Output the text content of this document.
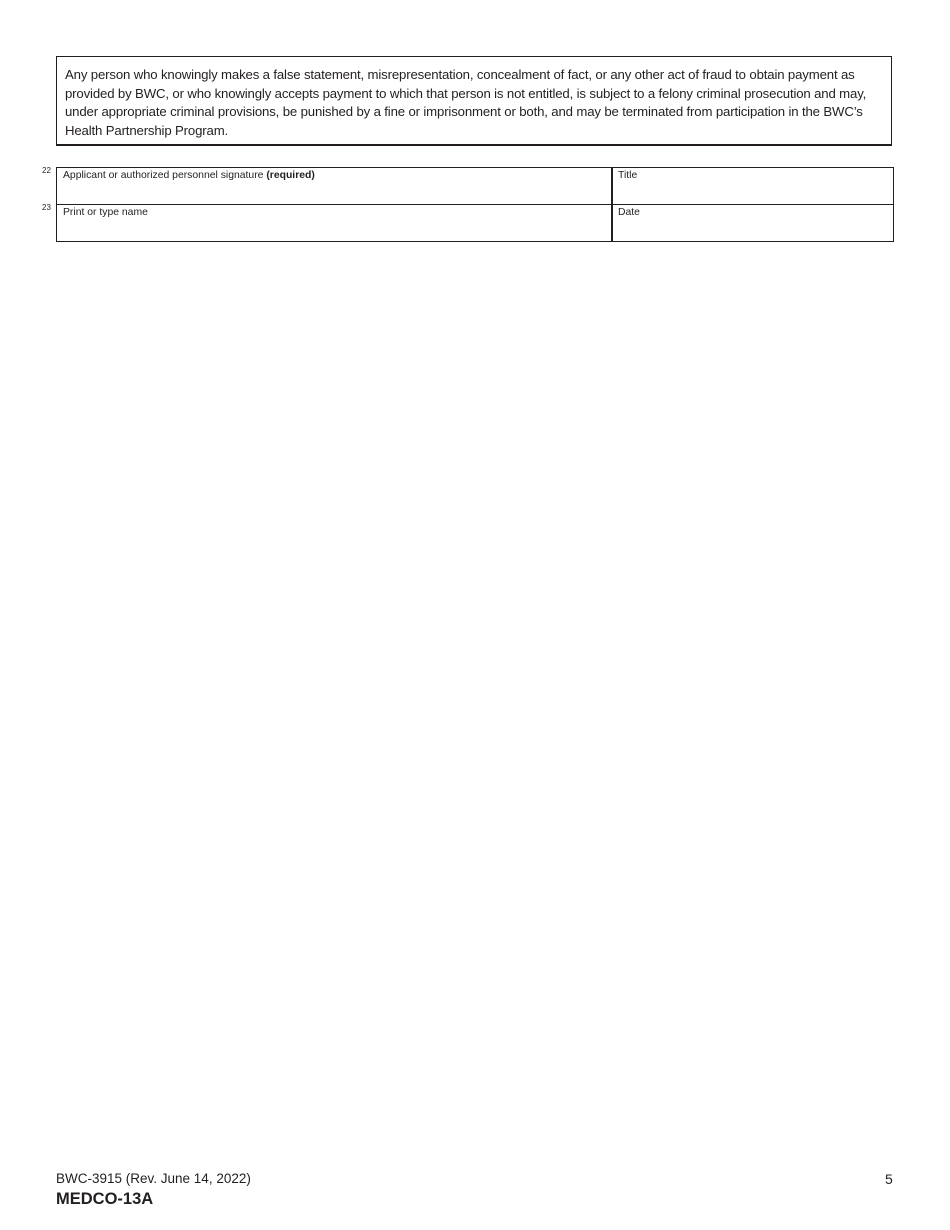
Any person who knowingly makes a false statement, misrepresentation, concealment of fact, or any other act of fraud to obtain payment as provided by BWC, or who knowingly accepts payment to which that person is not entitled, is subject to a felony criminal prosecution and may, under appropriate criminal provisions, be punished by a fine or imprisonment or both, and may be terminated from participation in the BWC’s Health Partnership Program.
22
23
Applicant or authorized personnel signature (required)	Title
Print or type name	Date
BWC-3915 (Rev. June 14, 2022)
MEDCO-13A
5
